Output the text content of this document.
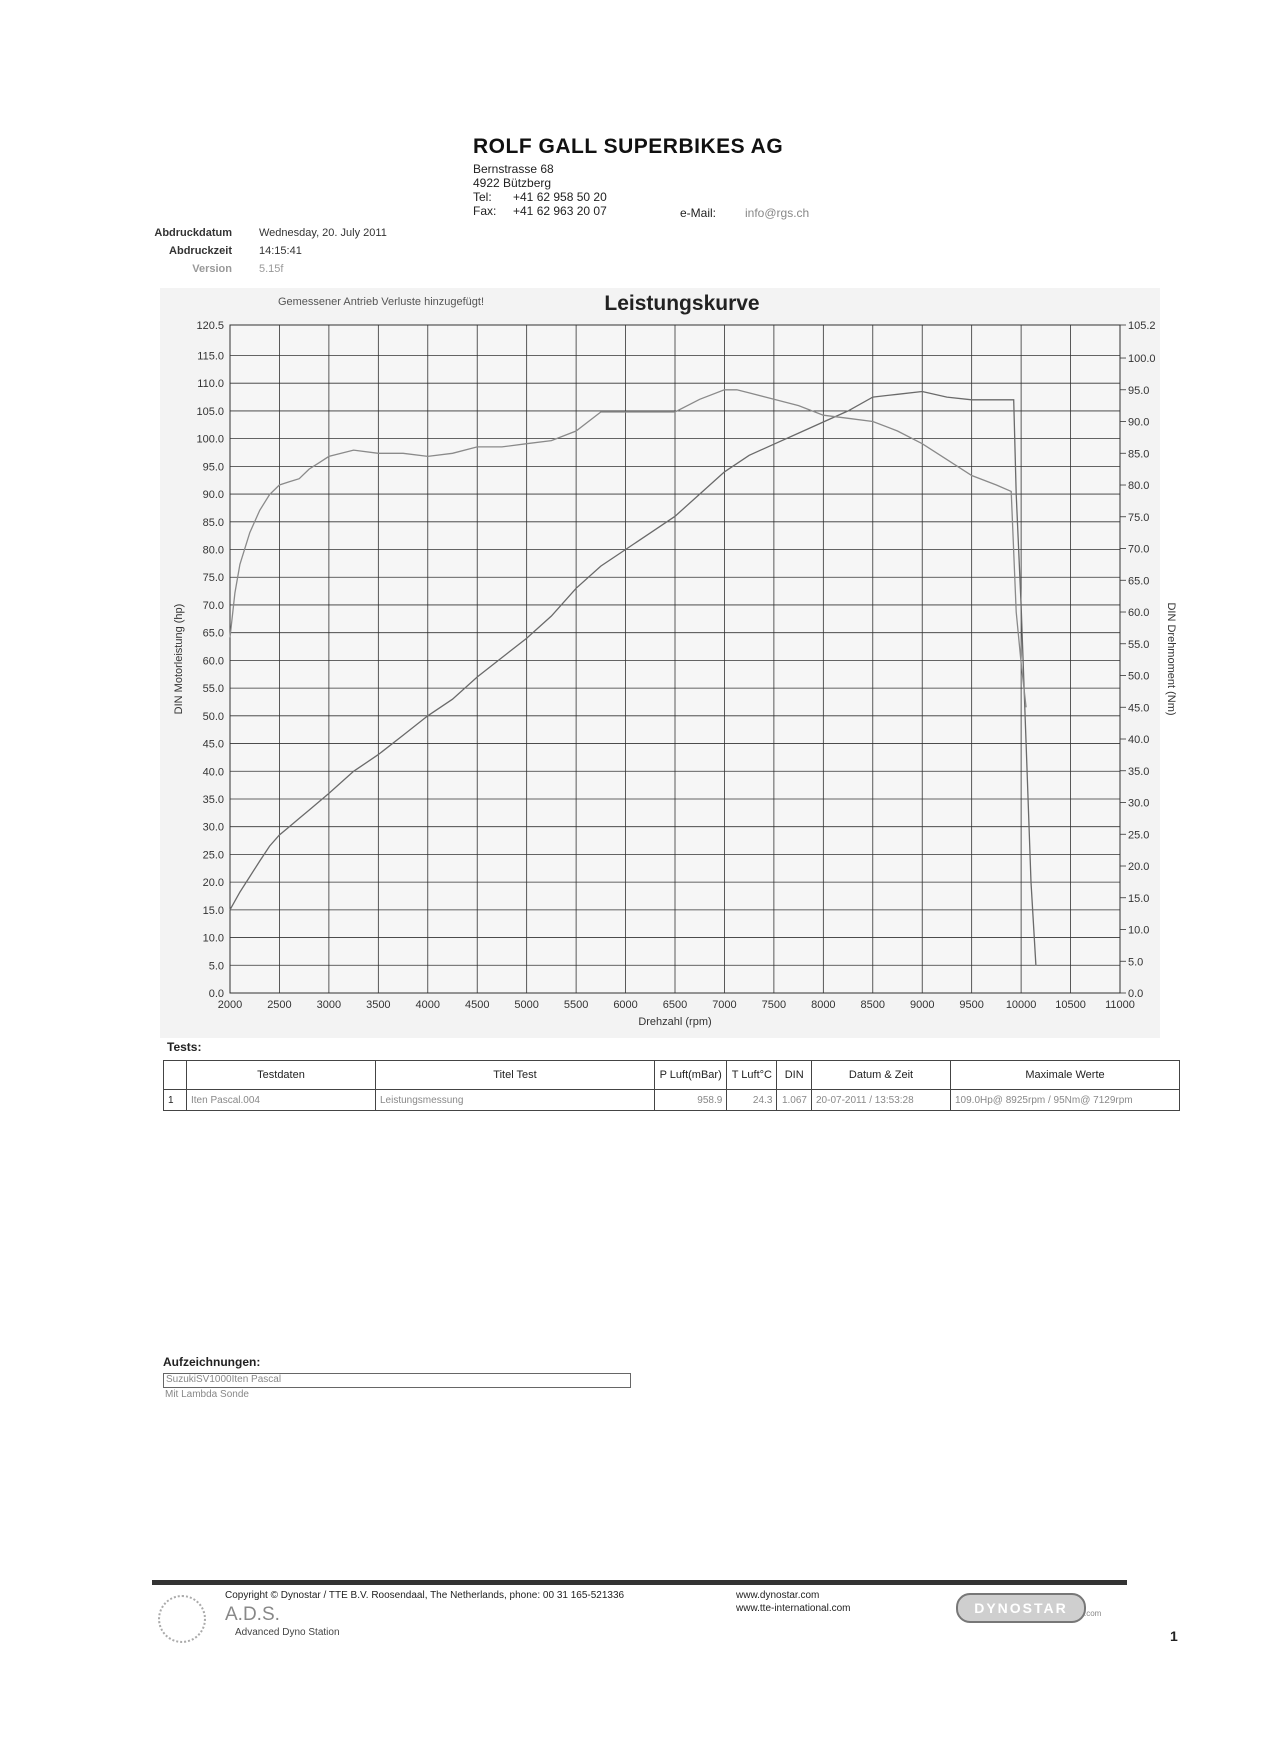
ROLF GALL SUPERBIKES AG
Bernstrasse 68
4922 Bützberg
Tel: +41 62 958 50 20
Fax: +41 62 963 20 07	e-Mail: info@rgs.ch
Abdruckdatum Wednesday, 20. July 2011
Abdruckzeit 14:15:41
Version 5.15f
0.0
5.0
10.0
15.0
20.0
25.0
30.0
35.0
40.0
45.0
50.0
55.0
60.0
65.0
70.0
75.0
80.0
85.0
90.0
95.0
100.0
105.0
110.0
115.0
120.5
0.0
5.0
10.0
15.0
20.0
25.0
30.0
35.0
40.0
45.0
50.0
55.0
60.0
65.0
70.0
75.0
80.0
85.0
90.0
95.0
100.0
105.2
2000 2500 3000 3500 4000 4500 5000 5500 6000 6500 7000 7500 8000 8500 9000 9500 10000 10500 11000
Drehzahl (rpm)
DIN Motorleistung (hp)	DIN Drehmoment (Nm)
Gemessener Antrieb Verluste hinzugefügt!	Leistungskurve
Tests:
	Testdaten	Titel Test	P Luft(mBar)	T Luft°C	DIN	Datum & Zeit	Maximale Werte
1	Iten Pascal.004	Leistungsmessung	958.9	24.3	1.067	20-07-2011 / 13:53:28	109.0Hp@ 8925rpm / 95Nm@ 7129rpm
Aufzeichnungen:
SuzukiSV1000Iten Pascal
Mit Lambda Sonde
Copyright © Dynostar / TTE B.V. Roosendaal, The Netherlands, phone: 00 31 165-521336
A.D.S.
Advanced Dyno Station
www.dynostar.com
www.tte-international.com	DYNOSTAR	.com
1
